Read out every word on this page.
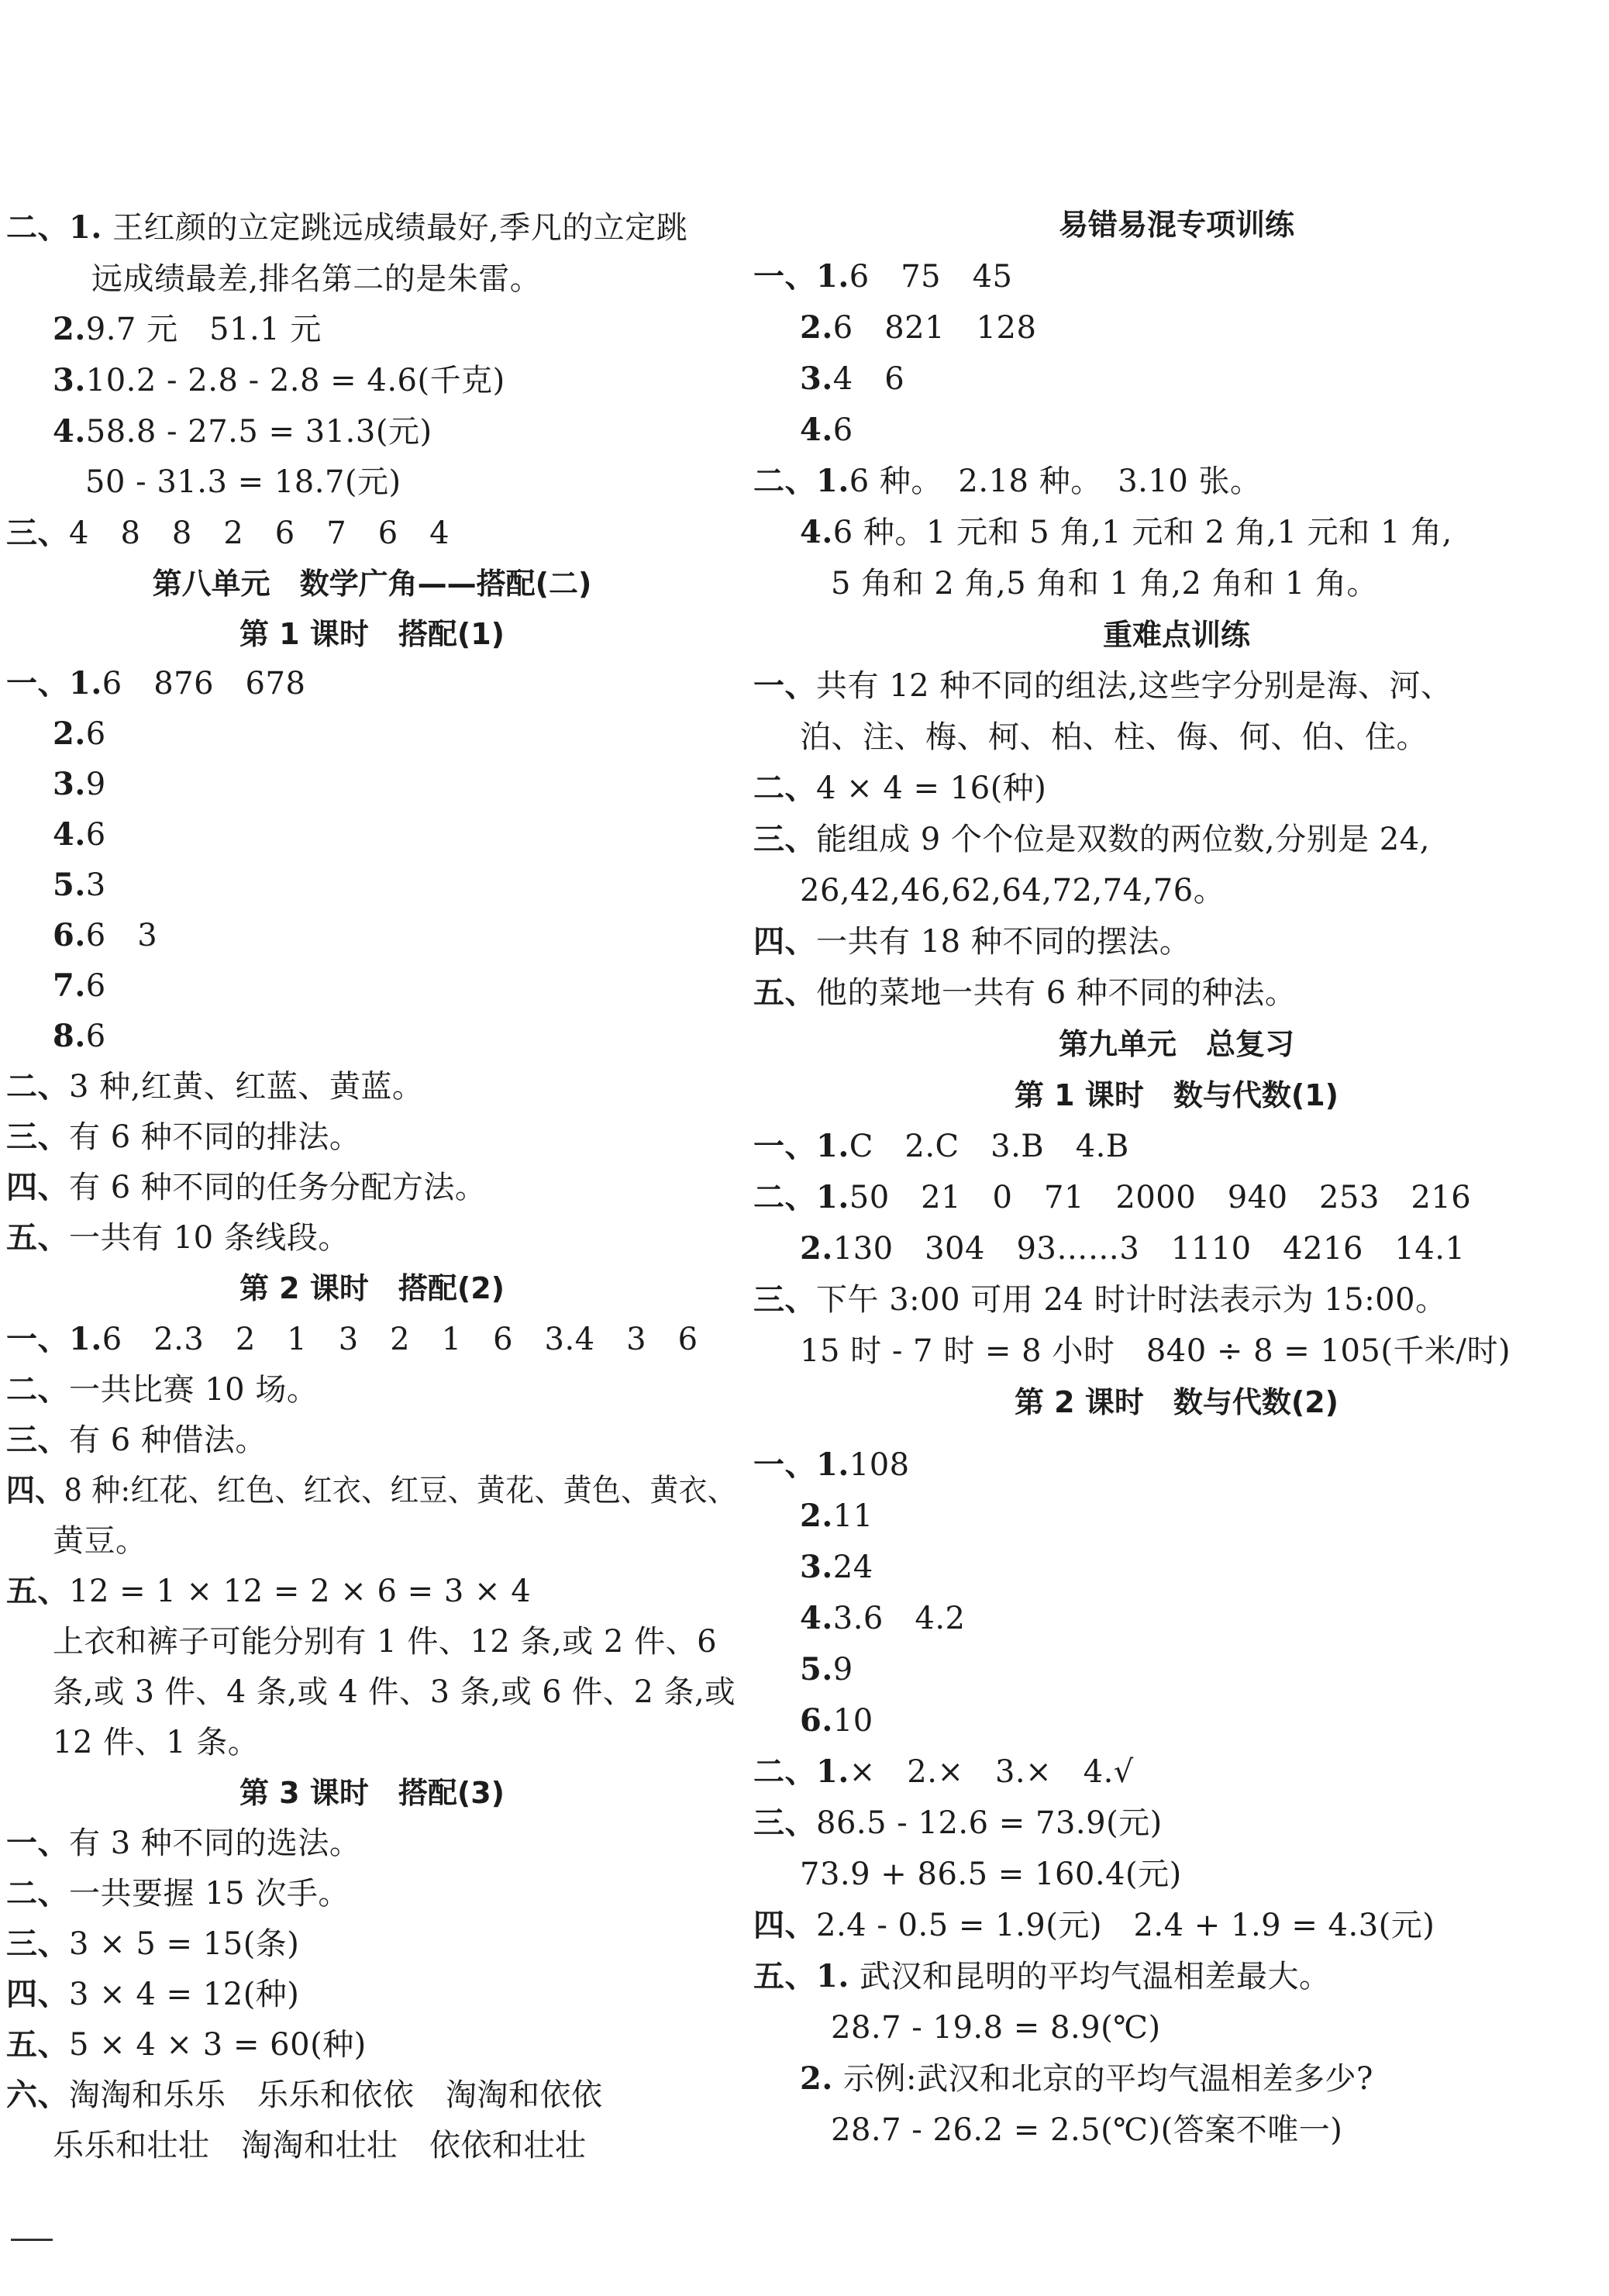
二、1. 王红颜的立定跳远成绩最好,季凡的立定跳
远成绩最差,排名第二的是朱雷。
2.9.7 元　51.1 元
3.10.2 - 2.8 - 2.8 = 4.6(千克)
4.58.8 - 27.5 = 31.3(元)
50 - 31.3 = 18.7(元)
三、4　8　8　2　6　7　6　4
第八单元　数学广角——搭配(二)
第 1 课时　搭配(1)
一、1.6　876　678
2.6
3.9
4.6
5.3
6.6　3
7.6
8.6
二、3 种,红黄、红蓝、黄蓝。
三、有 6 种不同的排法。
四、有 6 种不同的任务分配方法。
五、一共有 10 条线段。
第 2 课时　搭配(2)
一、1.6　2.3　2　1　3　2　1　6　3.4　3　6
二、一共比赛 10 场。
三、有 6 种借法。
四、8 种:红花、红色、红衣、红豆、黄花、黄色、黄衣、
黄豆。
五、12 = 1 × 12 = 2 × 6 = 3 × 4
上衣和裤子可能分别有 1 件、12 条,或 2 件、6
条,或 3 件、4 条,或 4 件、3 条,或 6 件、2 条,或
12 件、1 条。
第 3 课时　搭配(3)
一、有 3 种不同的选法。
二、一共要握 15 次手。
三、3 × 5 = 15(条)
四、3 × 4 = 12(种)
五、5 × 4 × 3 = 60(种)
六、淘淘和乐乐　乐乐和依依　淘淘和依依
乐乐和壮壮　淘淘和壮壮　依依和壮壮
易错易混专项训练
一、1.6　75　45
2.6　821　128
3.4　6
4.6
二、1.6 种。　2.18 种。　3.10 张。
4.6 种。1 元和 5 角,1 元和 2 角,1 元和 1 角,
5 角和 2 角,5 角和 1 角,2 角和 1 角。
重难点训练
一、共有 12 种不同的组法,这些字分别是海、河、
泊、注、梅、柯、柏、柱、侮、何、伯、住。
二、4 × 4 = 16(种)
三、能组成 9 个个位是双数的两位数,分别是 24,
26,42,46,62,64,72,74,76。
四、一共有 18 种不同的摆法。
五、他的菜地一共有 6 种不同的种法。
第九单元　总复习
第 1 课时　数与代数(1)
一、1.C　2.C　3.B　4.B
二、1.50　21　0　71　2000　940　253　216
2.130　304　93……3　1110　4216　14.1
三、下午 3:00 可用 24 时计时法表示为 15:00。
15 时 - 7 时 = 8 小时　840 ÷ 8 = 105(千米/时)
第 2 课时　数与代数(2)
一、1.108
2.11
3.24
4.3.6　4.2
5.9
6.10
二、1.×　2.×　3.×　4.√
三、86.5 - 12.6 = 73.9(元)
73.9 + 86.5 = 160.4(元)
四、2.4 - 0.5 = 1.9(元)　2.4 + 1.9 = 4.3(元)
五、1. 武汉和昆明的平均气温相差最大。
28.7 - 19.8 = 8.9(℃)
2. 示例:武汉和北京的平均气温相差多少?
28.7 - 26.2 = 2.5(℃)(答案不唯一)
